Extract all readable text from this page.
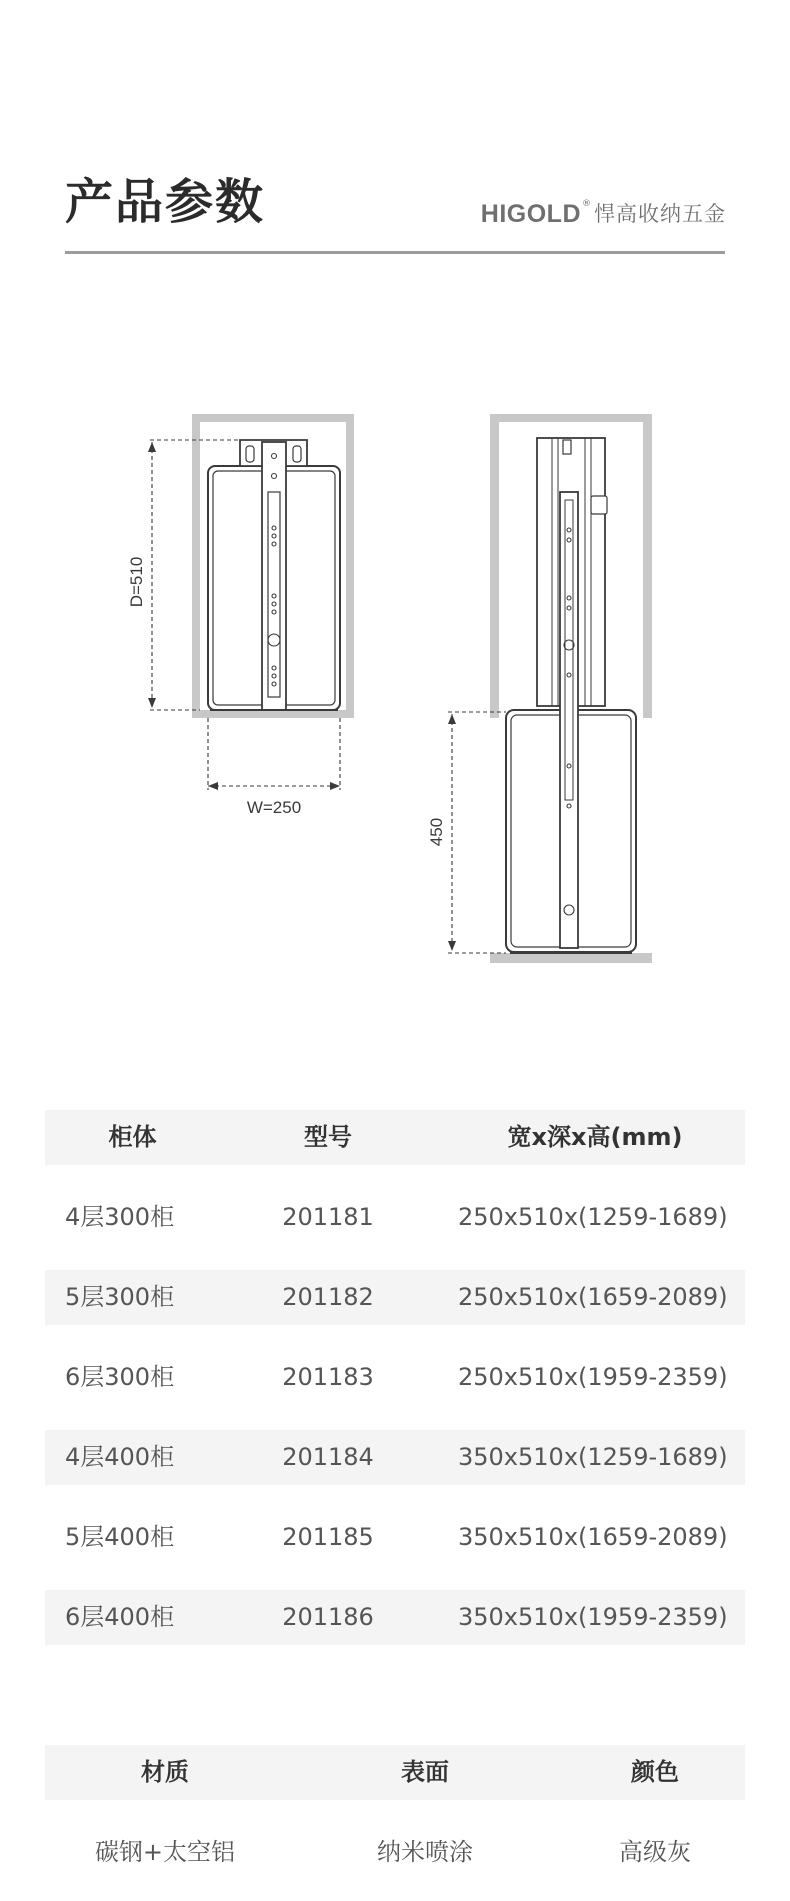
产品参数	HIGOLD ® 悍高收纳五金
D=510
W=250
450
柜体	型号	宽x深x高(mm)
4层300柜	201181	250x510x(1259-1689)
5层300柜	201182	250x510x(1659-2089)
6层300柜	201183	250x510x(1959-2359)
4层400柜	201184	350x510x(1259-1689)
5层400柜	201185	350x510x(1659-2089)
6层400柜	201186	350x510x(1959-2359)
材质	表面	颜色
碳钢+太空铝	纳米喷涂	高级灰
